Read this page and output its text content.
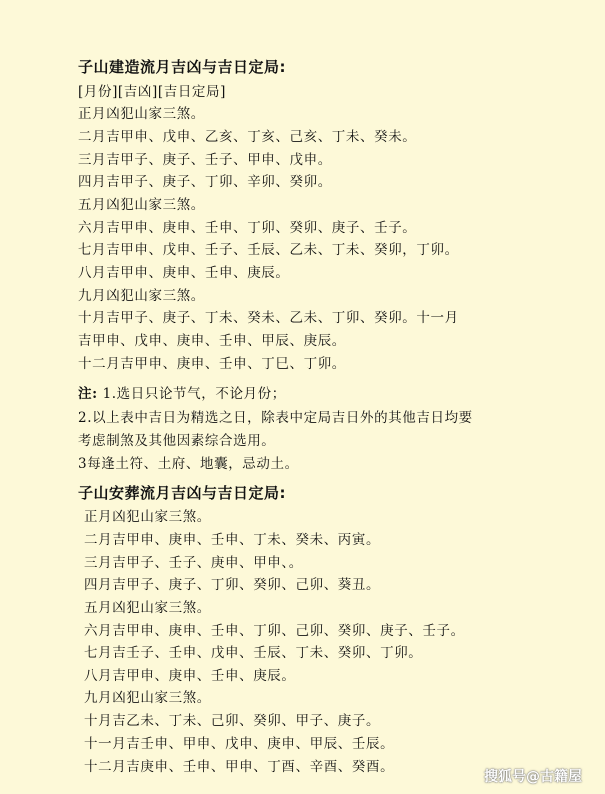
子山建造流月吉凶与吉日定局:
[月份][吉凶][吉日定局]
正月凶犯山家三煞。
二月吉甲申、戊申、乙亥、丁亥、己亥、丁未、癸未。
三月吉甲子、庚子、壬子、甲申、戊申。
四月吉甲子、庚子、丁卯、辛卯、癸卯。
五月凶犯山家三煞。
六月吉甲申、庚申、壬申、丁卯、癸卯、庚子、壬子。
七月吉甲申、戊申、壬子、壬辰、乙未、丁未、癸卯，丁卯。
八月吉甲申、庚申、壬申、庚辰。
九月凶犯山家三煞。
十月吉甲子、庚子、丁未、癸未、乙未、丁卯、癸卯。十一月
吉甲申、戊申、庚申、壬申、甲辰、庚辰。
十二月吉甲申、庚申、壬申、丁巳、丁卯。
注: 1.选日只论节气，不论月份；
2.以上表中吉日为精选之日，除表中定局吉日外的其他吉日均要
考虑制煞及其他因素综合选用。
3每逢土符、土府、地囊，忌动土。
子山安葬流月吉凶与吉日定局:
正月凶犯山家三煞。
二月吉甲申、庚申、壬申、丁未、癸未、丙寅。
三月吉甲子、壬子、庚申、甲申、。
四月吉甲子、庚子、丁卯、癸卯、己卯、葵丑。
五月凶犯山家三煞。
六月吉甲申、庚申、壬申、丁卯、己卯、癸卯、庚子、壬子。
七月吉壬子、壬申、戊申、壬辰、丁未、癸卯、丁卯。
八月吉甲申、庚申、壬申、庚辰。
九月凶犯山家三煞。
十月吉乙未、丁未、己卯、癸卯、甲子、庚子。
十一月吉壬申、甲申、戊申、庚申、甲辰、壬辰。
十二月吉庚申、壬申、甲申、丁酉、辛酉、癸酉。
搜狐号@古籍屋
